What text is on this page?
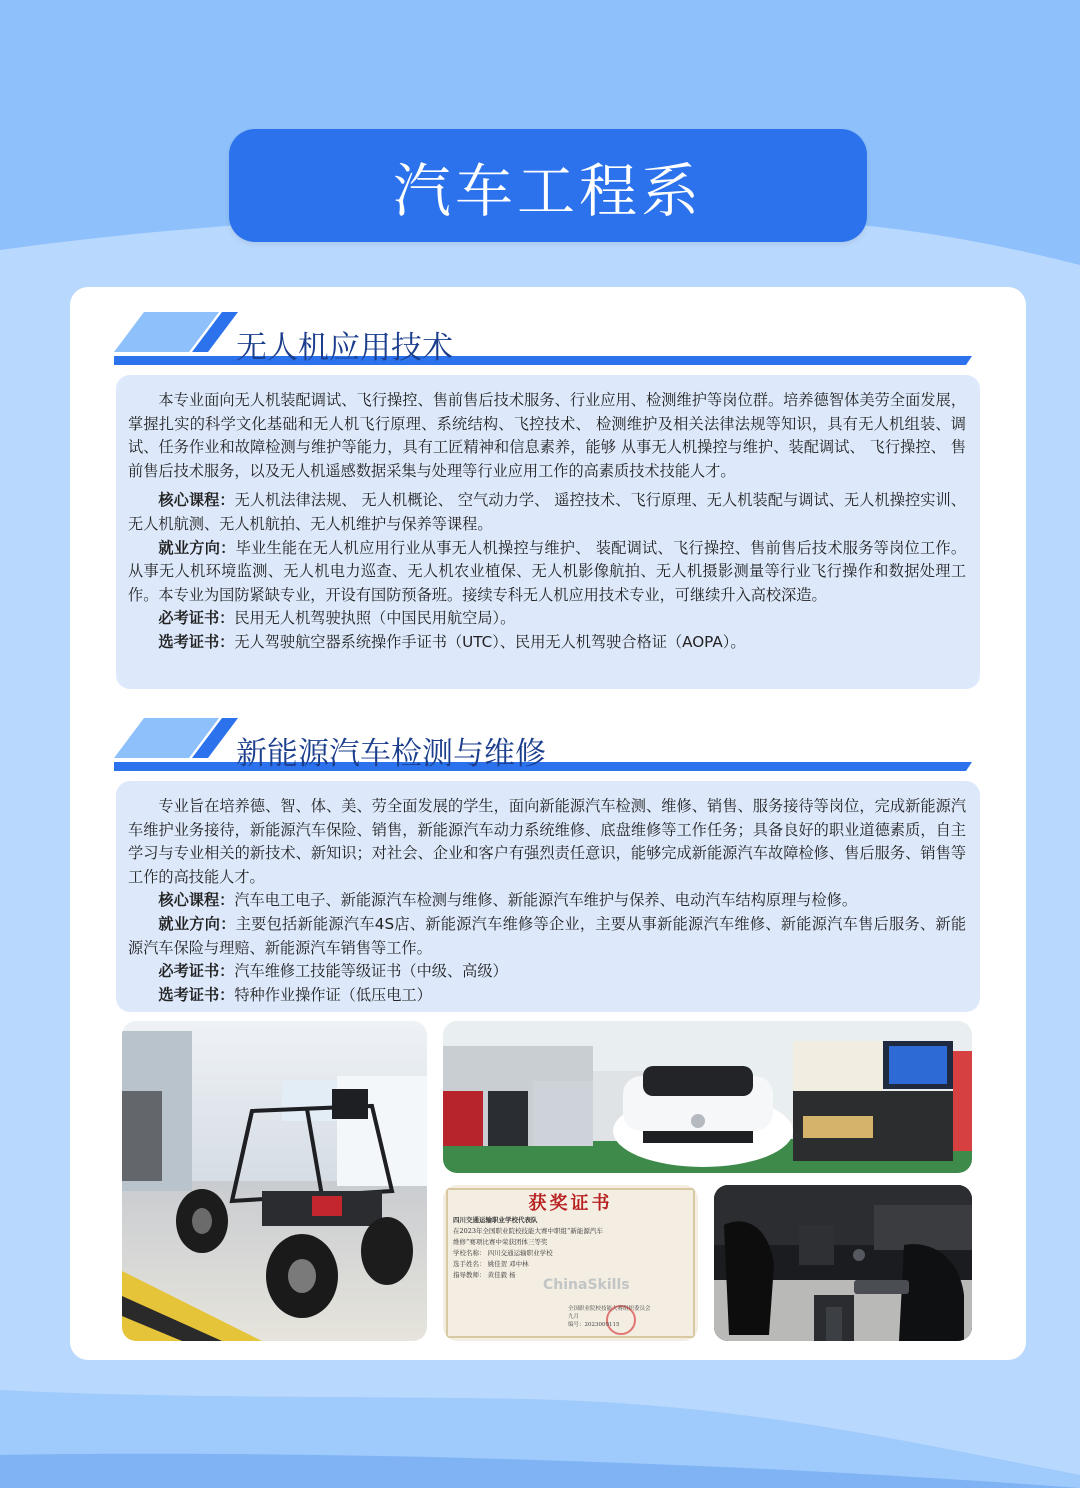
汽车工程系
无人机应用技术

本专业面向无人机装配调试、飞行操控、售前售后技术服务、行业应用、检测维护等岗位群。培养德智体美劳全面发展，掌握扎实的科学文化基础和无人机飞行原理、系统结构、飞控技术、 检测维护及相关法律法规等知识，具有无人机组装、调试、任务作业和故障检测与维护等能力，具有工匠精神和信息素养，能够 从事无人机操控与维护、装配调试、 飞行操控、 售前售后技术服务，以及无人机遥感数据采集与处理等行业应用工作的高素质技术技能人才。

核心课程：无人机法律法规、 无人机概论、 空气动力学、 遥控技术、飞行原理、无人机装配与调试、无人机操控实训、无人机航测、无人机航拍、无人机维护与保养等课程。

就业方向：毕业生能在无人机应用行业从事无人机操控与维护、 装配调试、飞行操控、售前售后技术服务等岗位工作。从事无人机环境监测、无人机电力巡查、无人机农业植保、无人机影像航拍、无人机摄影测量等行业飞行操作和数据处理工作。本专业为国防紧缺专业，开设有国防预备班。接续专科无人机应用技术专业，可继续升入高校深造。

必考证书：民用无人机驾驶执照（中国民用航空局）。

选考证书：无人驾驶航空器系统操作手证书（UTC）、民用无人机驾驶合格证（AOPA）。

新能源汽车检测与维修

专业旨在培养德、智、体、美、劳全面发展的学生，面向新能源汽车检测、维修、销售、服务接待等岗位，完成新能源汽车维护业务接待，新能源汽车保险、销售，新能源汽车动力系统维修、底盘维修等工作任务；具备良好的职业道德素质，自主学习与专业相关的新技术、新知识；对社会、企业和客户有强烈责任意识，能够完成新能源汽车故障检修、售后服务、销售等工作的高技能人才。

核心课程：汽车电工电子、新能源汽车检测与维修、新能源汽车维护与保养、电动汽车结构原理与检修。

就业方向：主要包括新能源汽车4S店、新能源汽车维修等企业，主要从事新能源汽车维修、新能源汽车售后服务、新能源汽车保险与理赔、新能源汽车销售等工作。

必考证书：汽车维修工技能等级证书（中级、高级）

选考证书：特种作业操作证（低压电工）

获奖证书
四川交通运输职业学校代表队
在2023年全国职业院校技能大赛中职组“新能源汽车
维修”赛项比赛中荣获团体三等奖
学校名称： 四川交通运输职业学校
选手姓名： 姚佳贺 邓中林
指导教师： 黄佳毅 杨
ChinaSkills
全国职业院校技能大赛组织委员会
九月
编号：2023009115
